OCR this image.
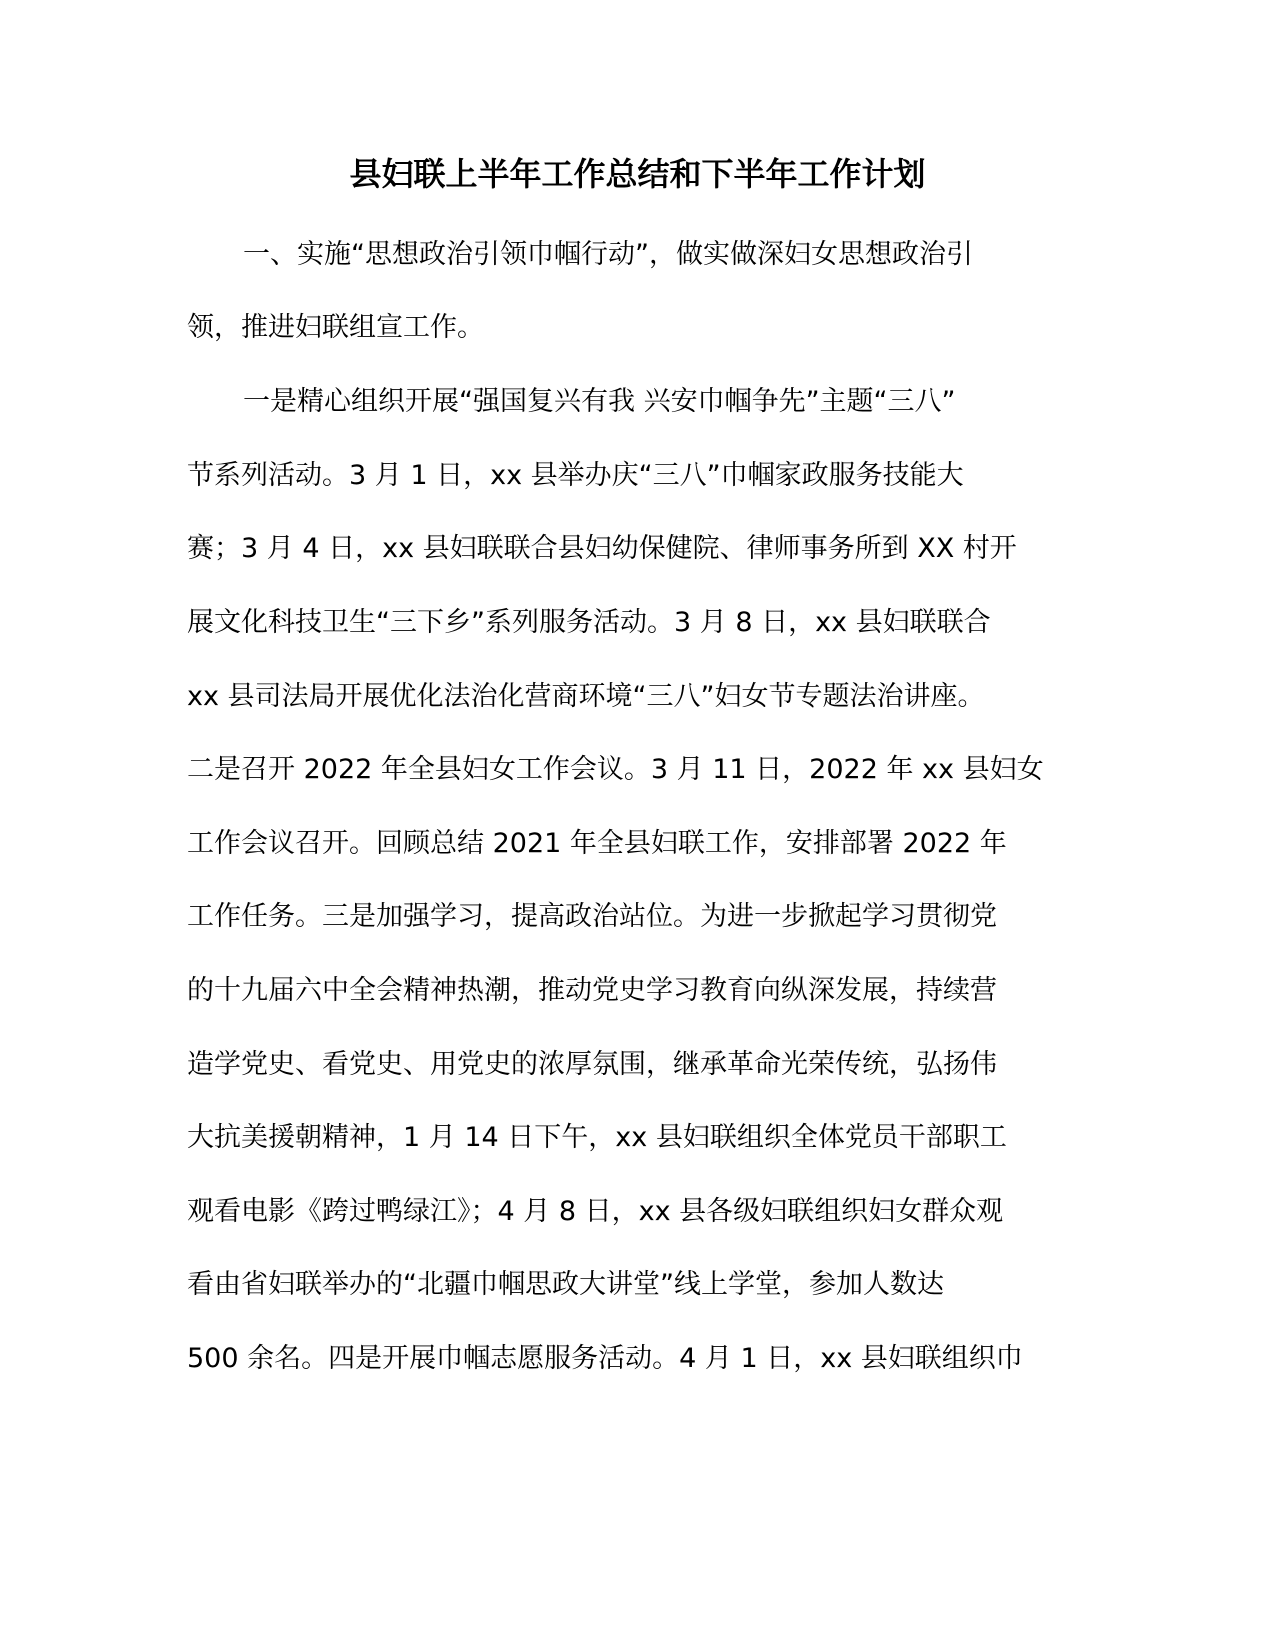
县妇联上半年工作总结和下半年工作计划

一、实施“思想政治引领巾帼行动”，做实做深妇女思想政治引

领，推进妇联组宣工作。

一是精心组织开展“强国复兴有我 兴安巾帼争先”主题“三八”

节系列活动。3 月 1 日，xx 县举办庆“三八”巾帼家政服务技能大

赛；3 月 4 日，xx 县妇联联合县妇幼保健院、律师事务所到 XX 村开

展文化科技卫生“三下乡”系列服务活动。3 月 8 日，xx 县妇联联合

xx 县司法局开展优化法治化营商环境“三八”妇女节专题法治讲座。

二是召开 2022 年全县妇女工作会议。3 月 11 日，2022 年 xx 县妇女

工作会议召开。回顾总结 2021 年全县妇联工作，安排部署 2022 年

工作任务。三是加强学习，提高政治站位。为进一步掀起学习贯彻党

的十九届六中全会精神热潮，推动党史学习教育向纵深发展，持续营

造学党史、看党史、用党史的浓厚氛围，继承革命光荣传统，弘扬伟

大抗美援朝精神，1 月 14 日下午，xx 县妇联组织全体党员干部职工

观看电影《跨过鸭绿江》；4 月 8 日，xx 县各级妇联组织妇女群众观

看由省妇联举办的“北疆巾帼思政大讲堂”线上学堂，参加人数达

500 余名。四是开展巾帼志愿服务活动。4 月 1 日，xx 县妇联组织巾
